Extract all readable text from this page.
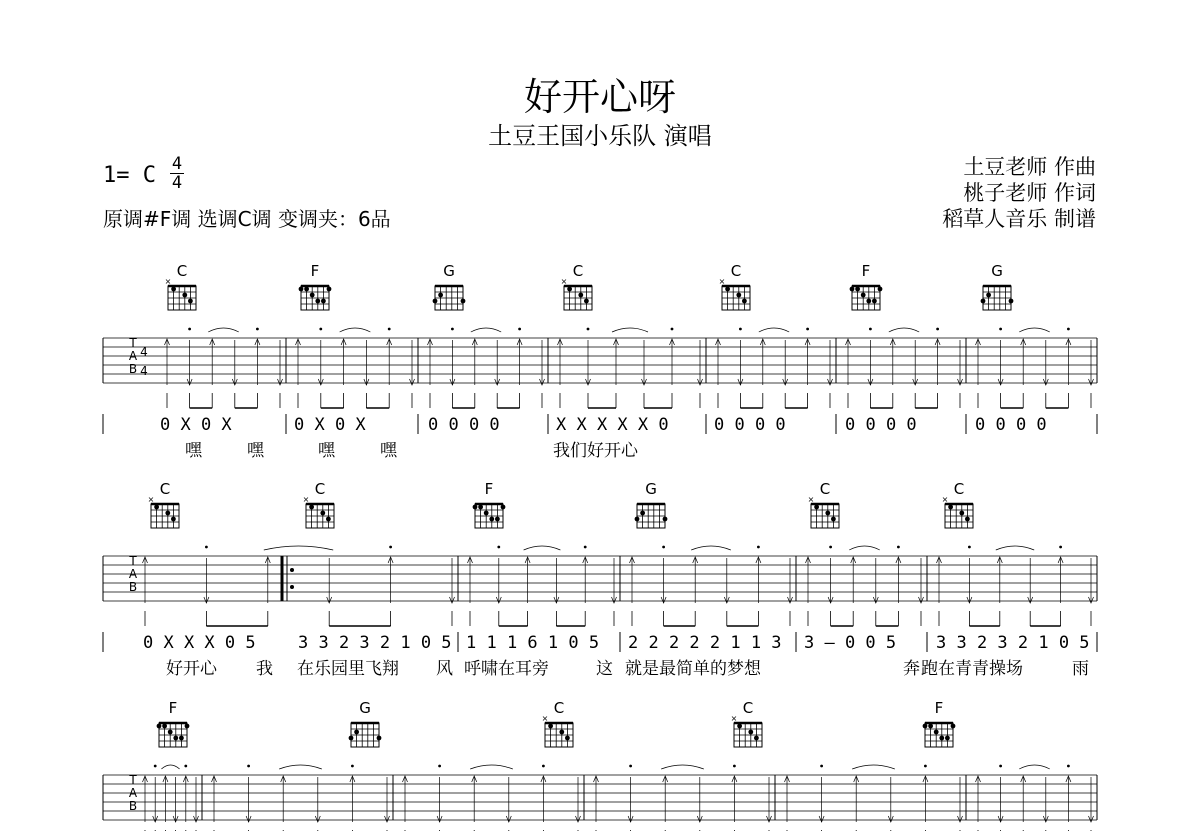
好开心呀
土豆王国小乐队 演唱
1= C 4
4
原调#F调 选调C调 变调夹：6品
土豆老师 作曲
桃子老师 作词
稻草人音乐 制谱
T
A
B
4
4
C
×
F	G	C
×
C
×
F	G
0 X 0 X	0 X 0 X	0 0 0 0	X X X X X 0	0 0 0 0	0 0 0 0	0 0 0 0
嘿	嘿	嘿	嘿	我们好开心
T
A
B
C
×
C
×
F	G	C
×
C
×
0 X X X 0 5 3 3 2 3 2 1 0 5 1 1 1 6 1 0 5 2 2 2 2 2 1 1 3 3 – 0 0 5 3 3 2 3 2 1 0 5
好开心 我 在乐园里飞翔 风 呼啸在耳旁	这 就是最简单的梦想	奔 跑在青青操场	雨
T
A
B
F	G	C
×
C
×
F
